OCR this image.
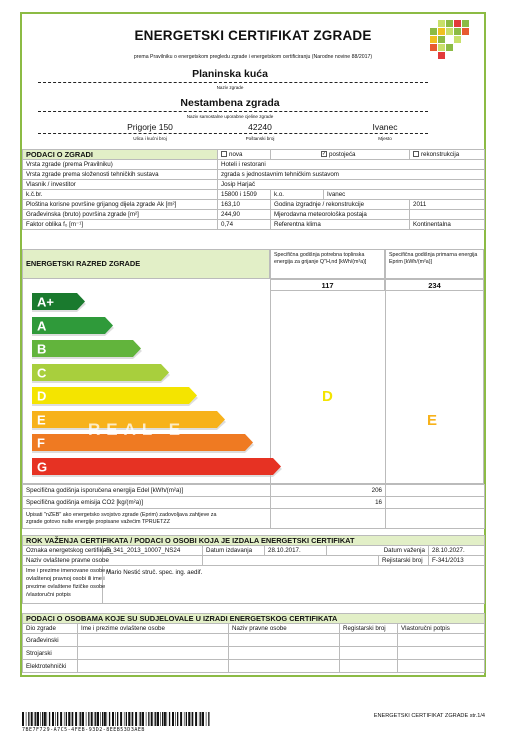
ENERGETSKI CERTIFIKAT ZGRADE
prema Pravilniku o energetskom pregledu zgrade i energetskom certificiranju (Narodne novine 88/2017)
Planinska kuća
Naziv zgrade
Nestambena zgrada
Naziv samostalne uporabne cjeline zgrade
Prigorje 150	42240	Ivanec
Ulica i kućni broj	Poštanski broj	Mjesto
PODACI O ZGRADI	nova	✓ postojeća		rekonstrukcija
Vrsta zgrade (prema Pravilniku)	Hoteli i restorani			
Vrsta zgrade prema složenosti tehničkih sustava	zgrada s jednostavnim tehničkim sustavom			
Vlasnik / investitor	Josip Harjač			
k.č.br.	15800 i 1509	k.o.	Ivanec	
Ploština korisne površine grijanog dijela zgrade Ak [m²]	163,10	Godina izgradnje / rekonstrukcije		2011
Građevinska (bruto) površina zgrade [m²]	244,90	Mjerodavna meteorološka postaja		
Faktor oblika f₀ [m⁻¹]	0,74	Referentna klima		Kontinentalna
ENERGETSKI RAZRED ZGRADE
Specifična godišnja potrebna toplinska energija za grijanje Q''H,nd [kWh/(m²a)]
Specifična godišnja primarna energija Eprim [kWh/(m²a)]
117	234
A+
A
B
C
D
E
F
G
REAL E
D
E
Specifična godišnja isporučena energija Edel [kWh/(m²a)]	206	
Specifična godišnja emisija CO2 [kg/(m²a)]	16	

Upisati "nZEB" ako energetsko svojstvo zgrade (Eprim) zadovoljava zahtjeve za
zgrade gotovo nulte energije propisane važećim TPRUETZZ		

ROK VAŽENJA CERTIFIKATA / PODACI O OSOBI KOJA JE IZDALA ENERGETSKI CERTIFIKAT						
Oznaka energetskog certifikata	F_341_2013_10007_NS24	Datum izdavanja	28.10.2017.	Datum važenja		28.10.2027.
Naziv ovlaštene pravne osobe					Rejistarski broj	F-341/2013

Ime i prezime imenovane osobe u
ovlaštenoj pravnoj osobi ili ime i
prezime ovlaštene fizičke osobe
/vlastoručni potpis	Mario Nestić struč. spec. ing. aedif.					
PODACI O OSOBAMA KOJE SU SUDJELOVALE U IZRADI ENERGETSKOG CERTIFIKATA				
Dio zgrade	Ime i prezime ovlaštene osobe	Naziv pravne osobe	Registarski broj	Vlastoručni potpis
Građevinski				
Strojarski				
Elektrotehnički				
7BE7F729-A7C5-4FEB-93D2-8EEB53D3AEB
ENERGETSKI CERTIFIKAT ZGRADE str.1/4
